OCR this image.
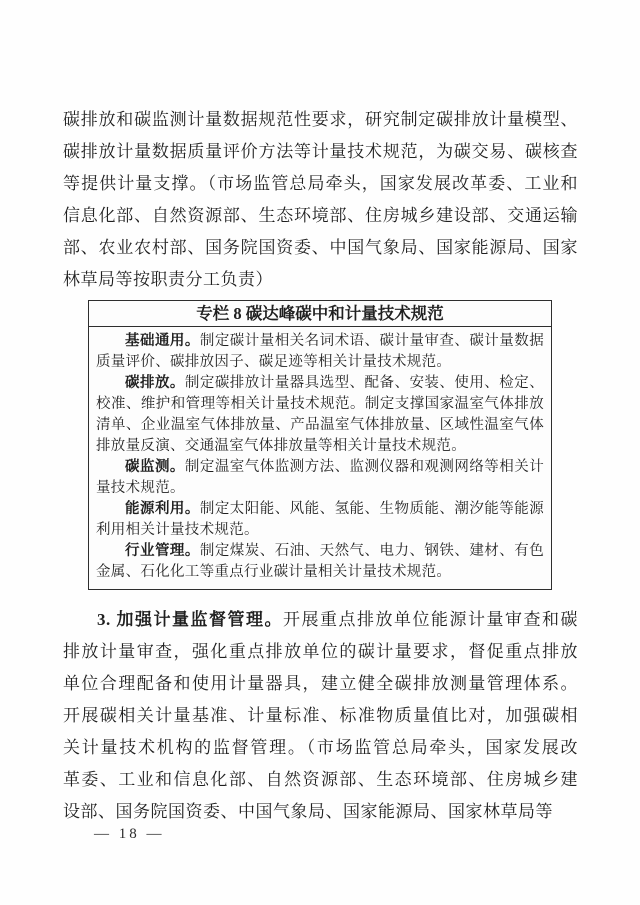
碳排放和碳监测计量数据规范性要求，研究制定碳排放计量模型、
碳排放计量数据质量评价方法等计量技术规范，为碳交易、碳核查
等提供计量支撑。（市场监管总局牵头，国家发展改革委、工业和
信息化部、自然资源部、生态环境部、住房城乡建设部、交通运输
部、农业农村部、国务院国资委、中国气象局、国家能源局、国家
林草局等按职责分工负责）
专栏 8 碳达峰碳中和计量技术规范
基础通用。制定碳计量相关名词术语、碳计量审查、碳计量数据
质量评价、碳排放因子、碳足迹等相关计量技术规范。
碳排放。制定碳排放计量器具选型、配备、安装、使用、检定、
校准、维护和管理等相关计量技术规范。制定支撑国家温室气体排放
清单、企业温室气体排放量、产品温室气体排放量、区域性温室气体
排放量反演、交通温室气体排放量等相关计量技术规范。
碳监测。制定温室气体监测方法、监测仪器和观测网络等相关计
量技术规范。
能源利用。制定太阳能、风能、氢能、生物质能、潮汐能等能源
利用相关计量技术规范。
行业管理。制定煤炭、石油、天然气、电力、钢铁、建材、有色
金属、石化化工等重点行业碳计量相关计量技术规范。
3. 加强计量监督管理。开展重点排放单位能源计量审查和碳
排放计量审查，强化重点排放单位的碳计量要求，督促重点排放
单位合理配备和使用计量器具，建立健全碳排放测量管理体系。
开展碳相关计量基准、计量标准、标准物质量值比对，加强碳相
关计量技术机构的监督管理。（市场监管总局牵头，国家发展改
革委、工业和信息化部、自然资源部、生态环境部、住房城乡建
设部、国务院国资委、中国气象局、国家能源局、国家林草局等
— 18 —
